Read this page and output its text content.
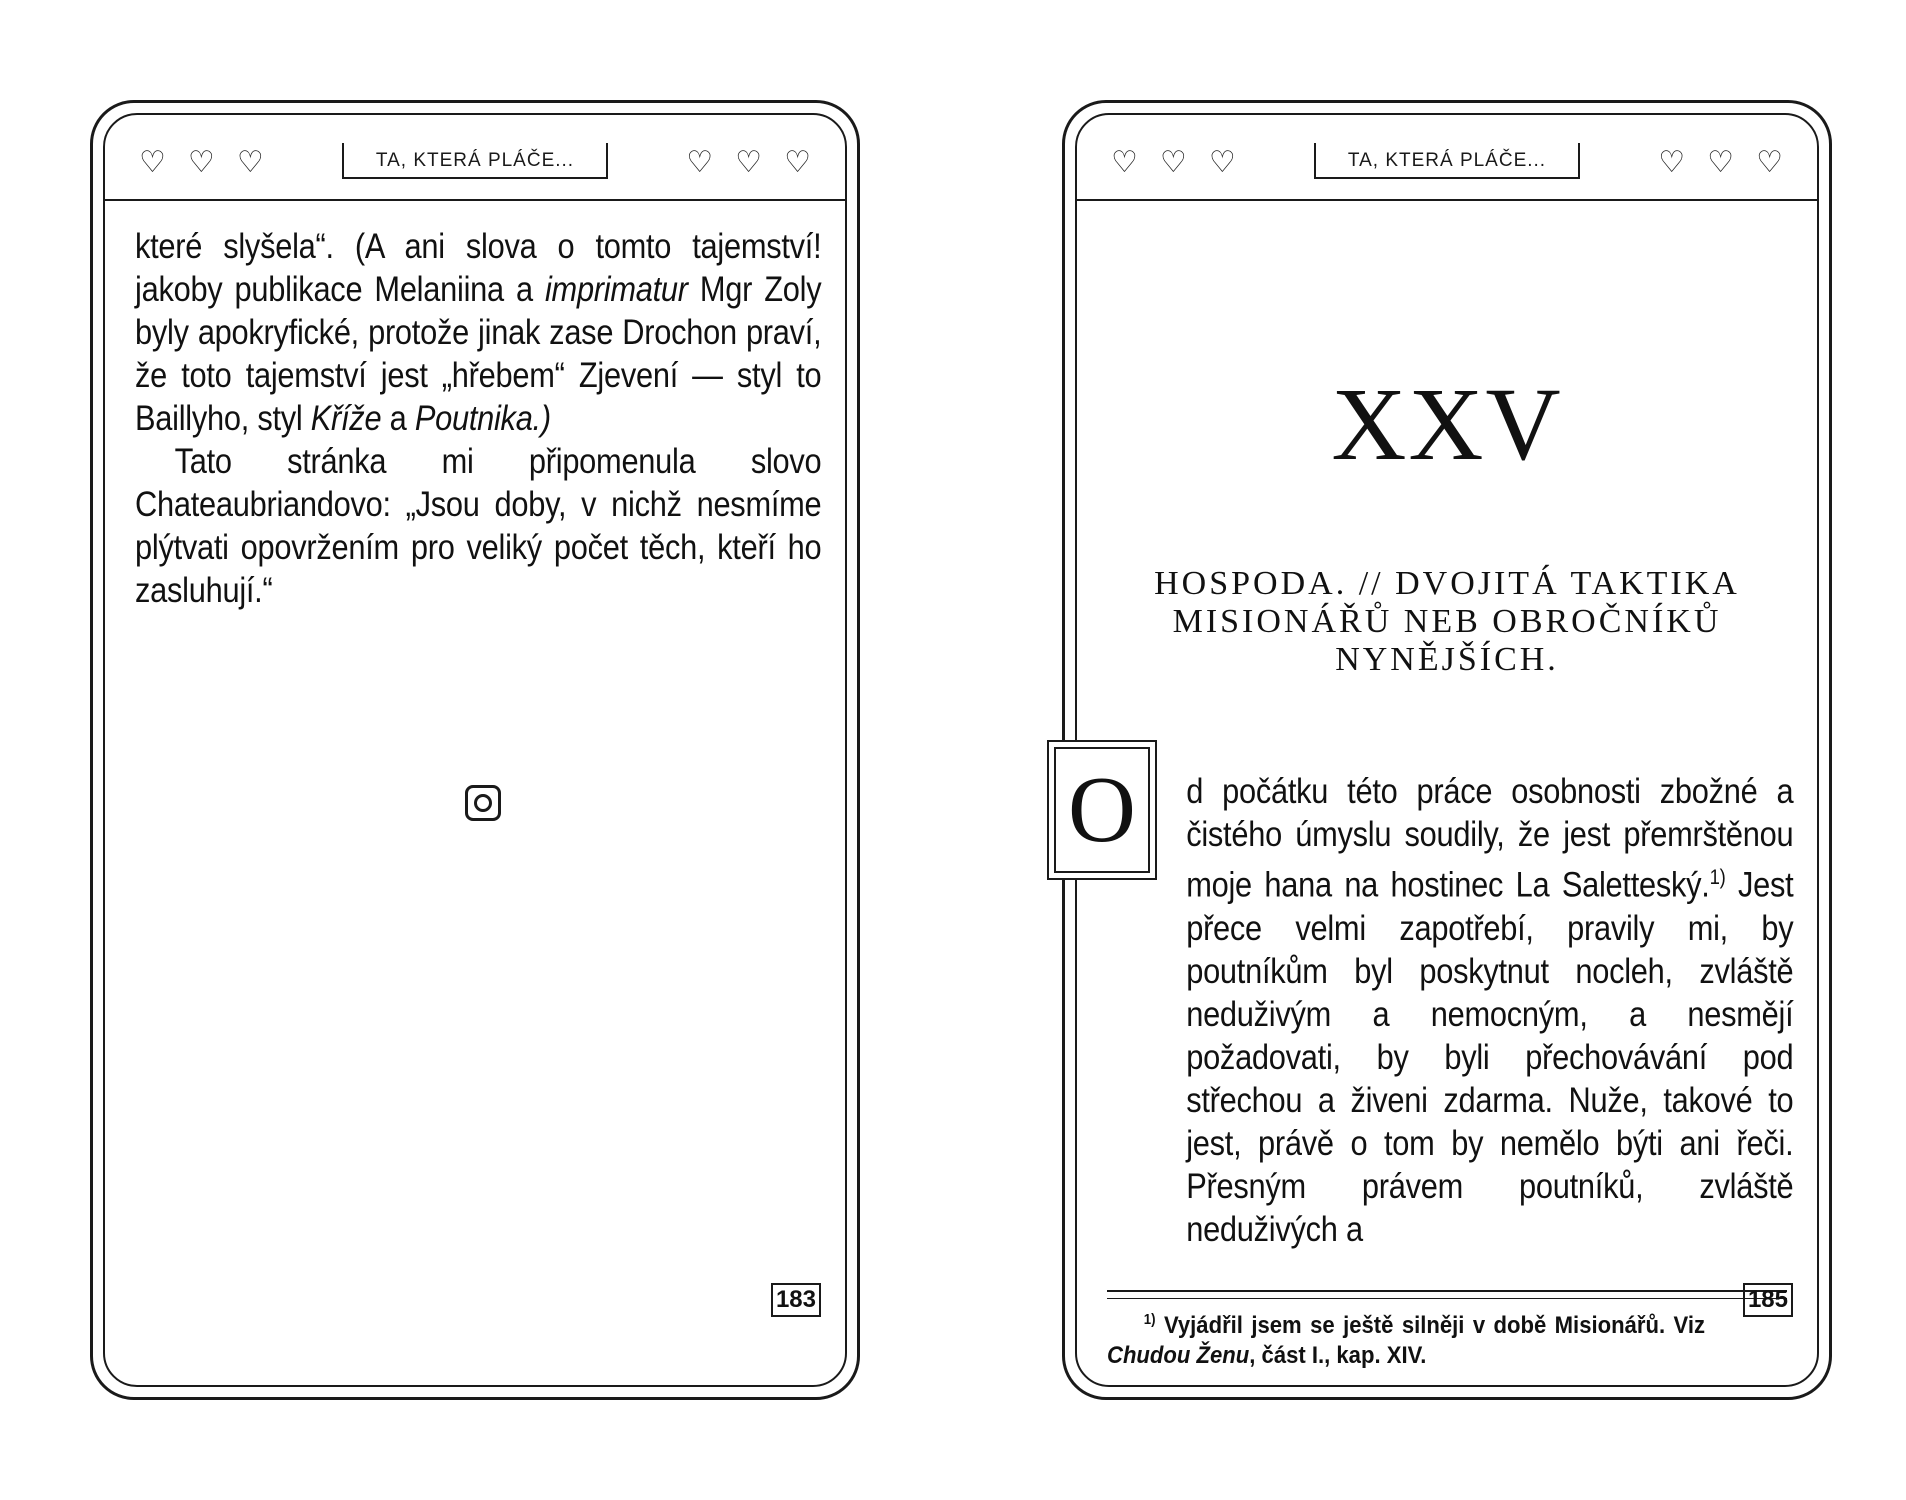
♡ ♡ ♡	TA, KTERÁ PLÁČE...	♡ ♡ ♡

které slyšela“. (A ani slova o tomto tajemství! jakoby publikace Melaniina a imprimatur Mgr Zoly byly apokryfické, protože jinak zase Drochon praví, že toto tajemství jest „hřebem“ Zjevení — styl to Baillyho, styl Kříže a Poutnika.)

Tato stránka mi připomenula slovo Chateaubriandovo: „Jsou doby, v nichž nesmíme plýtvati opovržením pro veliký počet těch, kteří ho zasluhují.“

183
♡ ♡ ♡	TA, KTERÁ PLÁČE...	♡ ♡ ♡
XXV
HOSPODA. // DVOJITÁ TAKTIKA MISIONÁŘŮ NEB OBROČNÍKŮ NYNĚJŠÍCH.
O	d počátku této práce osobnosti zbožné a čistého úmyslu soudily, že jest přemrštěnou moje hana na hostinec La Saletteský.$^{1)}$ Jest přece velmi zapotřebí, pravily mi, by poutníkům byl poskytnut nocleh, zvláště neduživým a nemocným, a nesmějí požadovati, by byli přechovávání pod střechou a živeni zdarma. Nuže, takové to jest, právě o tom by nemělo býti ani řeči. Přesným právem poutníků, zvláště neduživých a

$^{1)}$ Vyjádřil jsem se ještě silněji v době Misionářů. Viz Chudou Ženu, část I., kap. XIV.
185
